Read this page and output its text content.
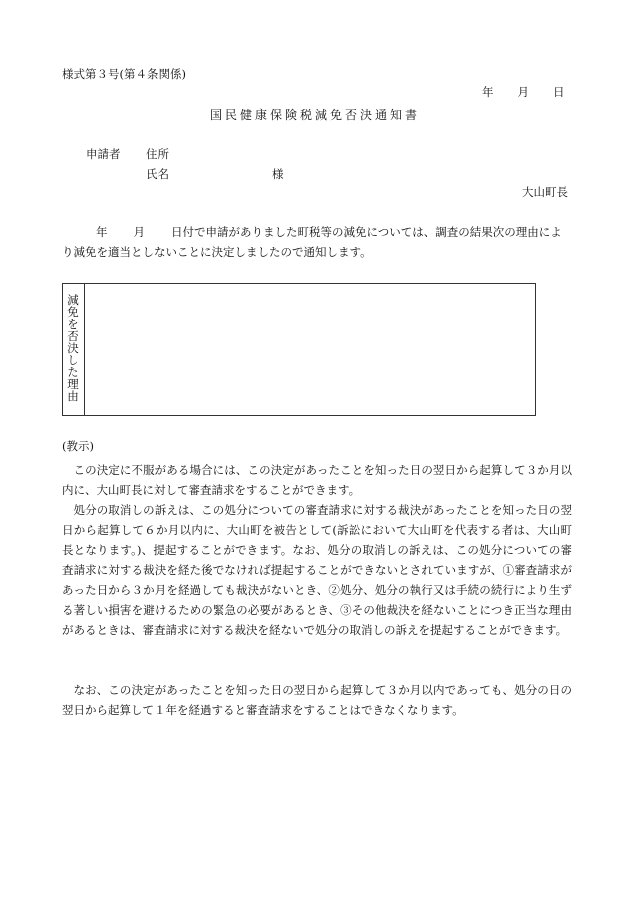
様式第３号(第４条関係)
年 月 日
国民健康保険税減免否決通知書
申請者 住所
氏名	様
大山町長
年 月 日付で申請がありました町税等の減免については、調査の結果次の理由により減免を適当としないことに決定しましたので通知します。
減免を否決した理由
(教示)
この決定に不服がある場合には、この決定があったことを知った日の翌日から起算して３か月以内に、大山町長に対して審査請求をすることができます。
処分の取消しの訴えは、この処分についての審査請求に対する裁決があったことを知った日の翌日から起算して６か月以内に、大山町を被告として(訴訟において大山町を代表する者は、大山町長となります。)、提起することができます。なお、処分の取消しの訴えは、この処分についての審査請求に対する裁決を経た後でなければ提起することができないとされていますが、①審査請求があった日から３か月を経過しても裁決がないとき、②処分、処分の執行又は手続の続行により生ずる著しい損害を避けるための緊急の必要があるとき、③その他裁決を経ないことにつき正当な理由があるときは、審査請求に対する裁決を経ないで処分の取消しの訴えを提起することができます。
なお、この決定があったことを知った日の翌日から起算して３か月以内であっても、処分の日の翌日から起算して１年を経過すると審査請求をすることはできなくなります。
